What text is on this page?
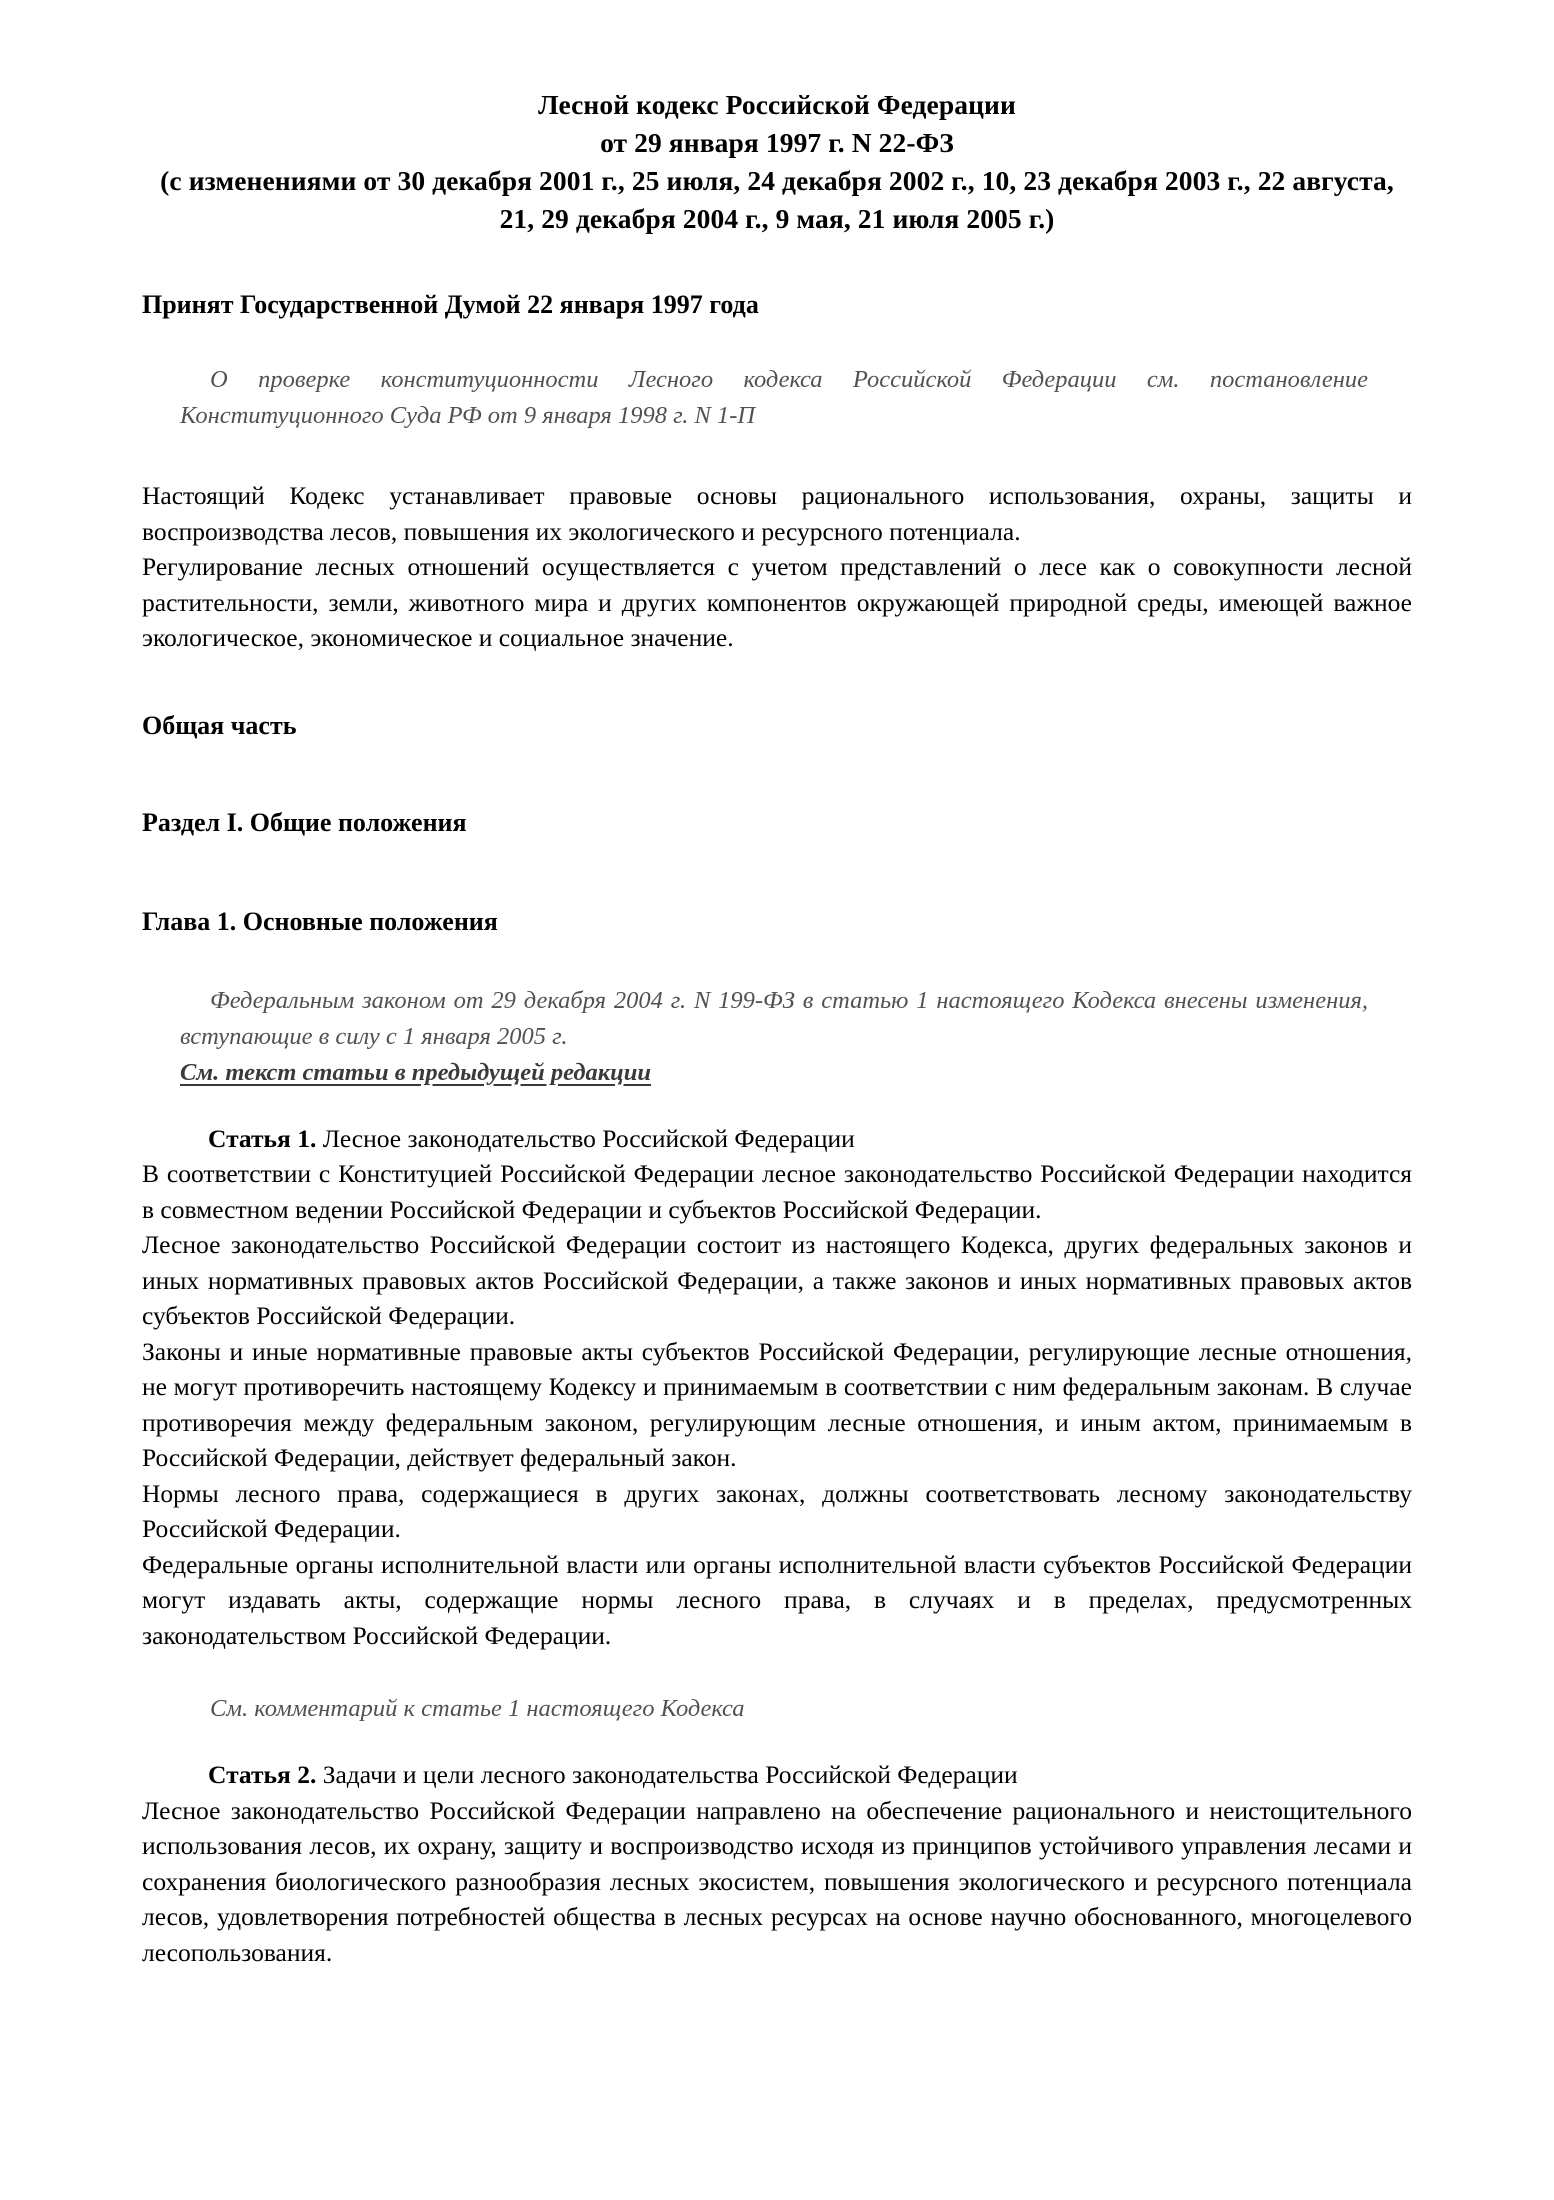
Лесной кодекс Российской Федерации
от 29 января 1997 г. N 22-ФЗ
(с изменениями от 30 декабря 2001 г., 25 июля, 24 декабря 2002 г., 10, 23 декабря 2003 г., 22 августа, 21, 29 декабря 2004 г., 9 мая, 21 июля 2005 г.)
Принят Государственной Думой 22 января 1997 года
О проверке конституционности Лесного кодекса Российской Федерации см. постановление Конституционного Суда РФ от 9 января 1998 г. N 1-П

Настоящий Кодекс устанавливает правовые основы рационального использования, охраны, защиты и воспроизводства лесов, повышения их экологического и ресурсного потенциала.

Регулирование лесных отношений осуществляется с учетом представлений о лесе как о совокупности лесной растительности, земли, животного мира и других компонентов окружающей природной среды, имеющей важное экологическое, экономическое и социальное значение.

Общая часть
Раздел I. Общие положения
Глава 1. Основные положения
Федеральным законом от 29 декабря 2004 г. N 199-ФЗ в статью 1 настоящего Кодекса внесены изменения, вступающие в силу с 1 января 2005 г.
См. текст статьи в предыдущей редакции

Статья 1. Лесное законодательство Российской Федерации

В соответствии с Конституцией Российской Федерации лесное законодательство Российской Федерации находится в совместном ведении Российской Федерации и субъектов Российской Федерации.

Лесное законодательство Российской Федерации состоит из настоящего Кодекса, других федеральных законов и иных нормативных правовых актов Российской Федерации, а также законов и иных нормативных правовых актов субъектов Российской Федерации.

Законы и иные нормативные правовые акты субъектов Российской Федерации, регулирующие лесные отношения, не могут противоречить настоящему Кодексу и принимаемым в соответствии с ним федеральным законам. В случае противоречия между федеральным законом, регулирующим лесные отношения, и иным актом, принимаемым в Российской Федерации, действует федеральный закон.

Нормы лесного права, содержащиеся в других законах, должны соответствовать лесному законодательству Российской Федерации.

Федеральные органы исполнительной власти или органы исполнительной власти субъектов Российской Федерации могут издавать акты, содержащие нормы лесного права, в случаях и в пределах, предусмотренных законодательством Российской Федерации.

См. комментарий к статье 1 настоящего Кодекса

Статья 2. Задачи и цели лесного законодательства Российской Федерации

Лесное законодательство Российской Федерации направлено на обеспечение рационального и неистощительного использования лесов, их охрану, защиту и воспроизводство исходя из принципов устойчивого управления лесами и сохранения биологического разнообразия лесных экосистем, повышения экологического и ресурсного потенциала лесов, удовлетворения потребностей общества в лесных ресурсах на основе научно обоснованного, многоцелевого лесопользования.
